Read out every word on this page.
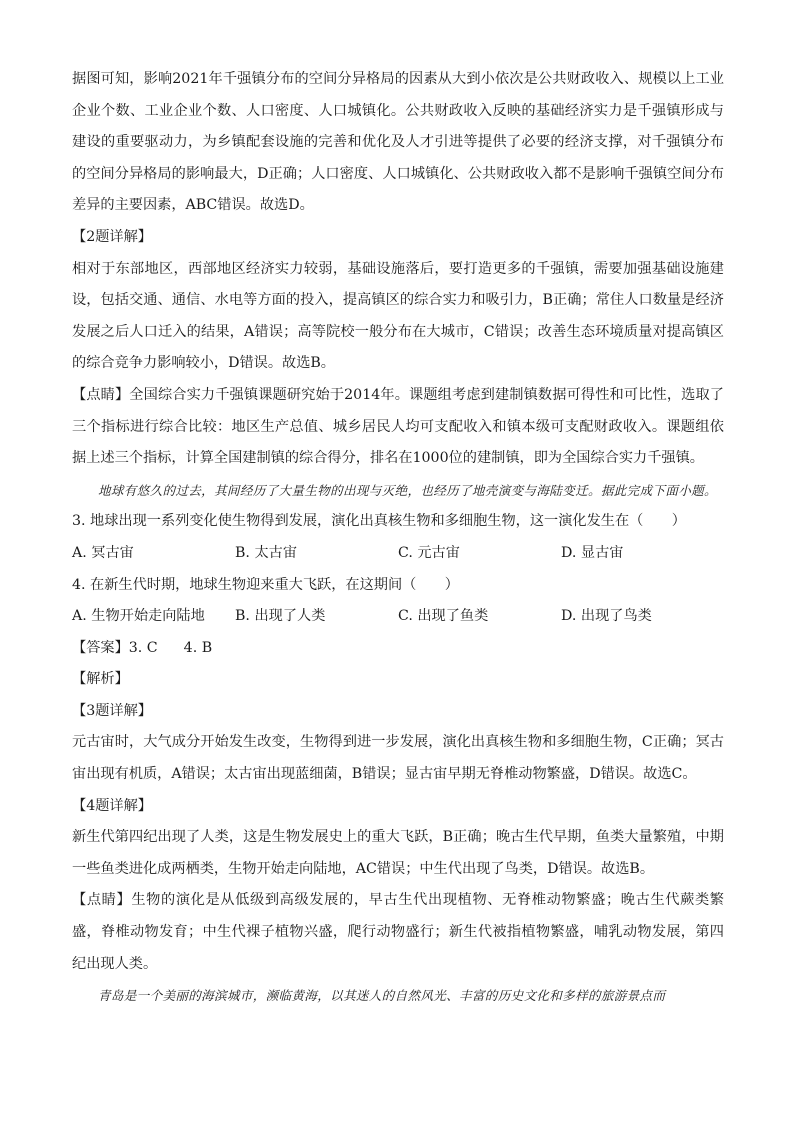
据图可知，影响2021年千强镇分布的空间分异格局的因素从大到小依次是公共财政收入、规模以上工业企业个数、工业企业个数、人口密度、人口城镇化。公共财政收入反映的基础经济实力是千强镇形成与建设的重要驱动力，为乡镇配套设施的完善和优化及人才引进等提供了必要的经济支撑，对千强镇分布的空间分异格局的影响最大，D正确；人口密度、人口城镇化、公共财政收入都不是影响千强镇空间分布差异的主要因素，ABC错误。故选D。

【2题详解】

相对于东部地区，西部地区经济实力较弱，基础设施落后，要打造更多的千强镇，需要加强基础设施建设，包括交通、通信、水电等方面的投入，提高镇区的综合实力和吸引力，B正确；常住人口数量是经济发展之后人口迁入的结果，A错误；高等院校一般分布在大城市，C错误；改善生态环境质量对提高镇区的综合竞争力影响较小，D错误。故选B。

【点睛】全国综合实力千强镇课题研究始于2014年。课题组考虑到建制镇数据可得性和可比性，选取了三个指标进行综合比较：地区生产总值、城乡居民人均可支配收入和镇本级可支配财政收入。课题组依据上述三个指标，计算全国建制镇的综合得分，排名在1000位的建制镇，即为全国综合实力千强镇。

地球有悠久的过去，其间经历了大量生物的出现与灭绝，也经历了地壳演变与海陆变迁。据此完成下面小题。

3. 地球出现一系列变化使生物得到发展，演化出真核生物和多细胞生物，这一演化发生在（　　）

A. 冥古宙	B. 太古宙	C. 元古宙	D. 显古宙

4. 在新生代时期，地球生物迎来重大飞跃，在这期间（　　）

A. 生物开始走向陆地	B. 出现了人类	C. 出现了鱼类	D. 出现了鸟类
【答案】3. C 4. B
【解析】
【3题详解】

元古宙时，大气成分开始发生改变，生物得到进一步发展，演化出真核生物和多细胞生物，C正确；冥古宙出现有机质，A错误；太古宙出现蓝细菌，B错误；显古宙早期无脊椎动物繁盛，D错误。故选C。

【4题详解】

新生代第四纪出现了人类，这是生物发展史上的重大飞跃，B正确；晚古生代早期，鱼类大量繁殖，中期一些鱼类进化成两栖类，生物开始走向陆地，AC错误；中生代出现了鸟类，D错误。故选B。

【点睛】生物的演化是从低级到高级发展的，早古生代出现植物、无脊椎动物繁盛；晚古生代蕨类繁盛，脊椎动物发育；中生代裸子植物兴盛，爬行动物盛行；新生代被指植物繁盛，哺乳动物发展，第四纪出现人类。

青岛是一个美丽的海滨城市，濒临黄海，以其迷人的自然风光、丰富的历史文化和多样的旅游景点而
